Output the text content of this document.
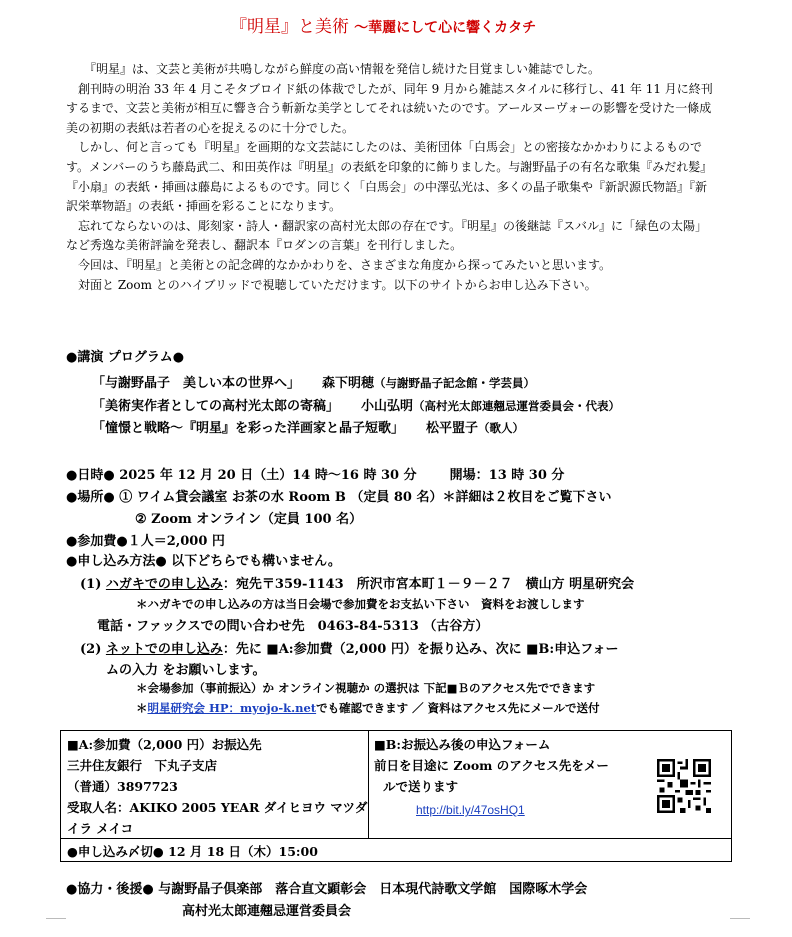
『明星』と美術 ～華麗にして心に響くカタチ

『明星』は、文芸と美術が共鳴しながら鮮度の高い情報を発信し続けた目覚ましい雑誌でした。

創刊時の明治 33 年 4 月こそタブロイド紙の体裁でしたが、同年 9 月から雑誌スタイルに移行し、41 年 11 月に終刊するまで、文芸と美術が相互に響き合う斬新な美学としてそれは続いたのです。アールヌーヴォーの影響を受けた一條成美の初期の表紙は若者の心を捉えるのに十分でした。

しかし、何と言っても『明星』を画期的な文芸誌にしたのは、美術団体「白馬会」との密接なかかわりによるものです。メンバーのうち藤島武二、和田英作は『明星』の表紙を印象的に飾りました。与謝野晶子の有名な歌集『みだれ髪』『小扇』の表紙・挿画は藤島によるものです。同じく「白馬会」の中澤弘光は、多くの晶子歌集や『新訳源氏物語』『新訳栄華物語』の表紙・挿画を彩ることになります。

忘れてならないのは、彫刻家・詩人・翻訳家の高村光太郎の存在です。『明星』の後継誌『スバル』に「緑色の太陽」など秀逸な美術評論を発表し、翻訳本『ロダンの言葉』を刊行しました。

今回は、『明星』と美術との記念碑的なかかわりを、さまざまな角度から探ってみたいと思います。

対面と Zoom とのハイブリッドで視聴していただけます。以下のサイトからお申し込み下さい。

●講演 プログラム●
「与謝野晶子　美しい本の世界へ」 森下明穂（与謝野晶子記念館・学芸員）
「美術実作者としての高村光太郎の寄稿」 小山弘明（高村光太郎連翹忌運営委員会・代表）
「憧憬と戦略～『明星』を彩った洋画家と晶子短歌」 松平盟子（歌人）
●日時● 2025 年 12 月 20 日（土）14 時～16 時 30 分	開場：13 時 30 分
●場所● ① ワイム貸会議室 お茶の水 Room B （定員 80 名）＊詳細は２枚目をご覧下さい
② Zoom オンライン（定員 100 名）
●参加費●１人＝2,000 円
●申し込み方法● 以下どちらでも構いません。
(1) ハガキでの申し込み：宛先〒359-1143　所沢市宮本町１－９－２７　横山方 明星研究会
＊ハガキでの申し込みの方は当日会場で参加費をお支払い下さい　資料をお渡しします
電話・ファックスでの問い合わせ先　0463-84-5313 （古谷方）
(2) ネットでの申し込み：先に ■A:参加費（2,000 円）を振り込み、次に ■B:申込フォー
ムの入力 をお願いします。
＊会場参加（事前振込）か オンライン視聴か の選択は 下記■Ｂのアクセス先でできます
＊明星研究会 HP：myojo-k.netでも確認できます ／ 資料はアクセス先にメールで送付
■A:参加費（2,000 円）お振込先
三井住友銀行　下丸子支店
（普通）3897723
受取人名：AKIKO 2005 YEAR ダイヒヨウ マツダ
イラ メイコ
■B:お振込み後の申込フォーム
前日を目途に Zoom のアクセス先をメー
ルで送ります
http://bit.ly/47osHQ1
●申し込み〆切● 12 月 18 日（木）15:00
●協力・後援● 与謝野晶子倶楽部　落合直文顕彰会　日本現代詩歌文学館　国際啄木学会
高村光太郎連翹忌運営委員会
